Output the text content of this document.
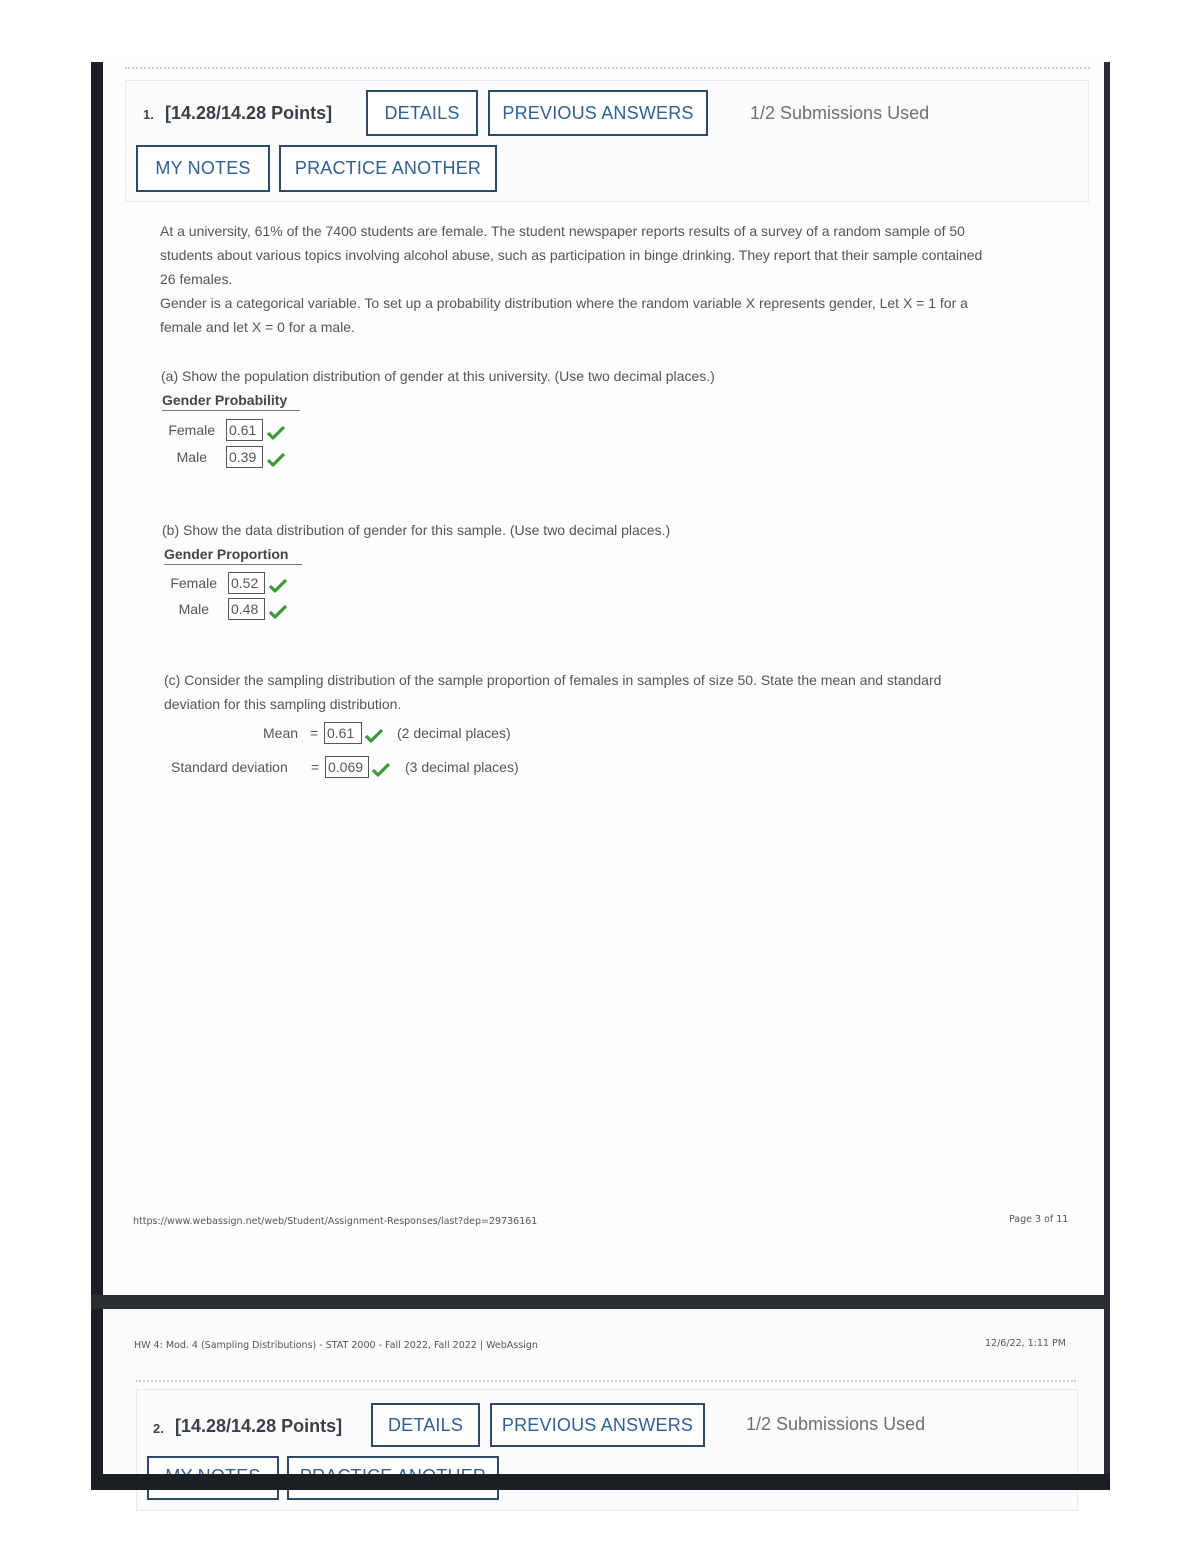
1. [14.28/14.28 Points]	DETAILS	PREVIOUS ANSWERS	1/2 Submissions Used
MY NOTES	PRACTICE ANOTHER
At a university, 61% of the 7400 students are female. The student newspaper reports results of a survey of a random sample of 50
students about various topics involving alcohol abuse, such as participation in binge drinking. They report that their sample contained
26 females.
Gender is a categorical variable. To set up a probability distribution where the random variable X represents gender, Let X = 1 for a
female and let X = 0 for a male.
(a) Show the population distribution of gender at this university. (Use two decimal places.)
Gender Probability
Female 0.61
Male 0.39
(b) Show the data distribution of gender for this sample. (Use two decimal places.)
Gender Proportion
Female 0.52
Male 0.48
(c) Consider the sampling distribution of the sample proportion of females in samples of size 50. State the mean and standard
deviation for this sampling distribution.
Mean = 0.61	(2 decimal places)
Standard deviation = 0.069	(3 decimal places)
https://www.webassign.net/web/Student/Assignment-Responses/last?dep=29736161	Page 3 of 11
HW 4: Mod. 4 (Sampling Distributions) - STAT 2000 - Fall 2022, Fall 2022 | WebAssign	12/6/22, 1:11 PM
2. [14.28/14.28 Points]	DETAILS	PREVIOUS ANSWERS	1/2 Submissions Used
